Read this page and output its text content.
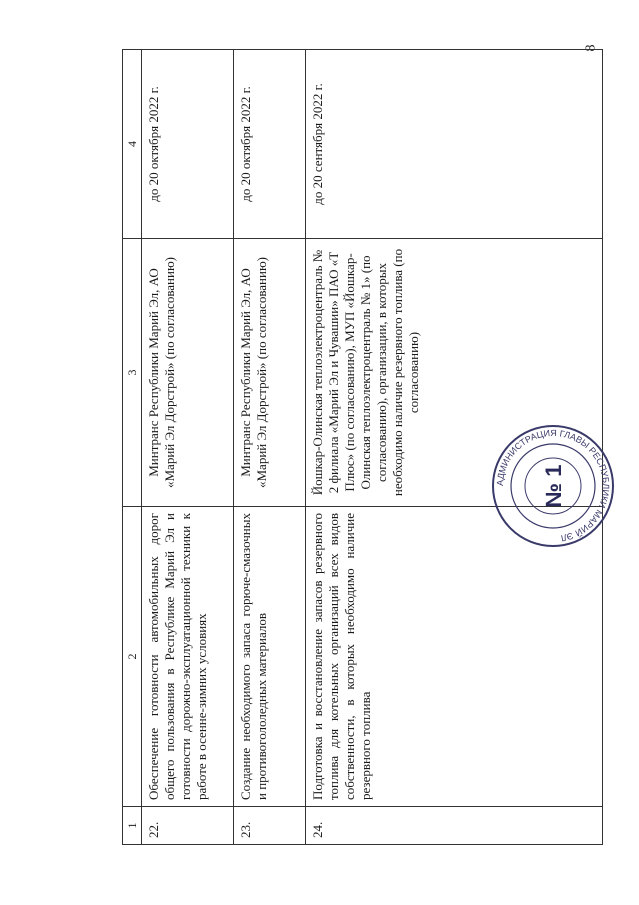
8
1	2	3	4
22.	Обеспечение готовности автомобильных дорог общего пользования в Республике Марий Эл и готовности дорожно-эксплуатационной техники к работе в осенне-зимних условиях	Минтранс Республики Марий Эл, АО «Марий Эл Дорстрой» (по согласованию)	до 20 октября 2022 г.
23.	Создание необходимого запаса горюче-смазочных и противогололедных материалов	Минтранс Республики Марий Эл, АО «Марий Эл Дорстрой» (по согласованию)	до 20 октября 2022 г.
24.	Подготовка и восстановление запасов резервного топлива для котельных организаций всех видов собственности, в которых необходимо наличие резервного топлива	Йошкар-Олинская теплоэлектроцентраль № 2 филиала «Марий Эл и Чувашии» ПАО «Т Плюс» (по согласованию), МУП «Йошкар-Олинская теплоэлектроцентраль № 1» (по согласованию), организации, в которых необходимо наличие резервного топлива (по согласованию)	до 20 сентября 2022 г.
АДМИНИСТРАЦИЯ ГЛАВЫ РЕСПУБЛИКИ МАРИЙ ЭЛ
№ 1
